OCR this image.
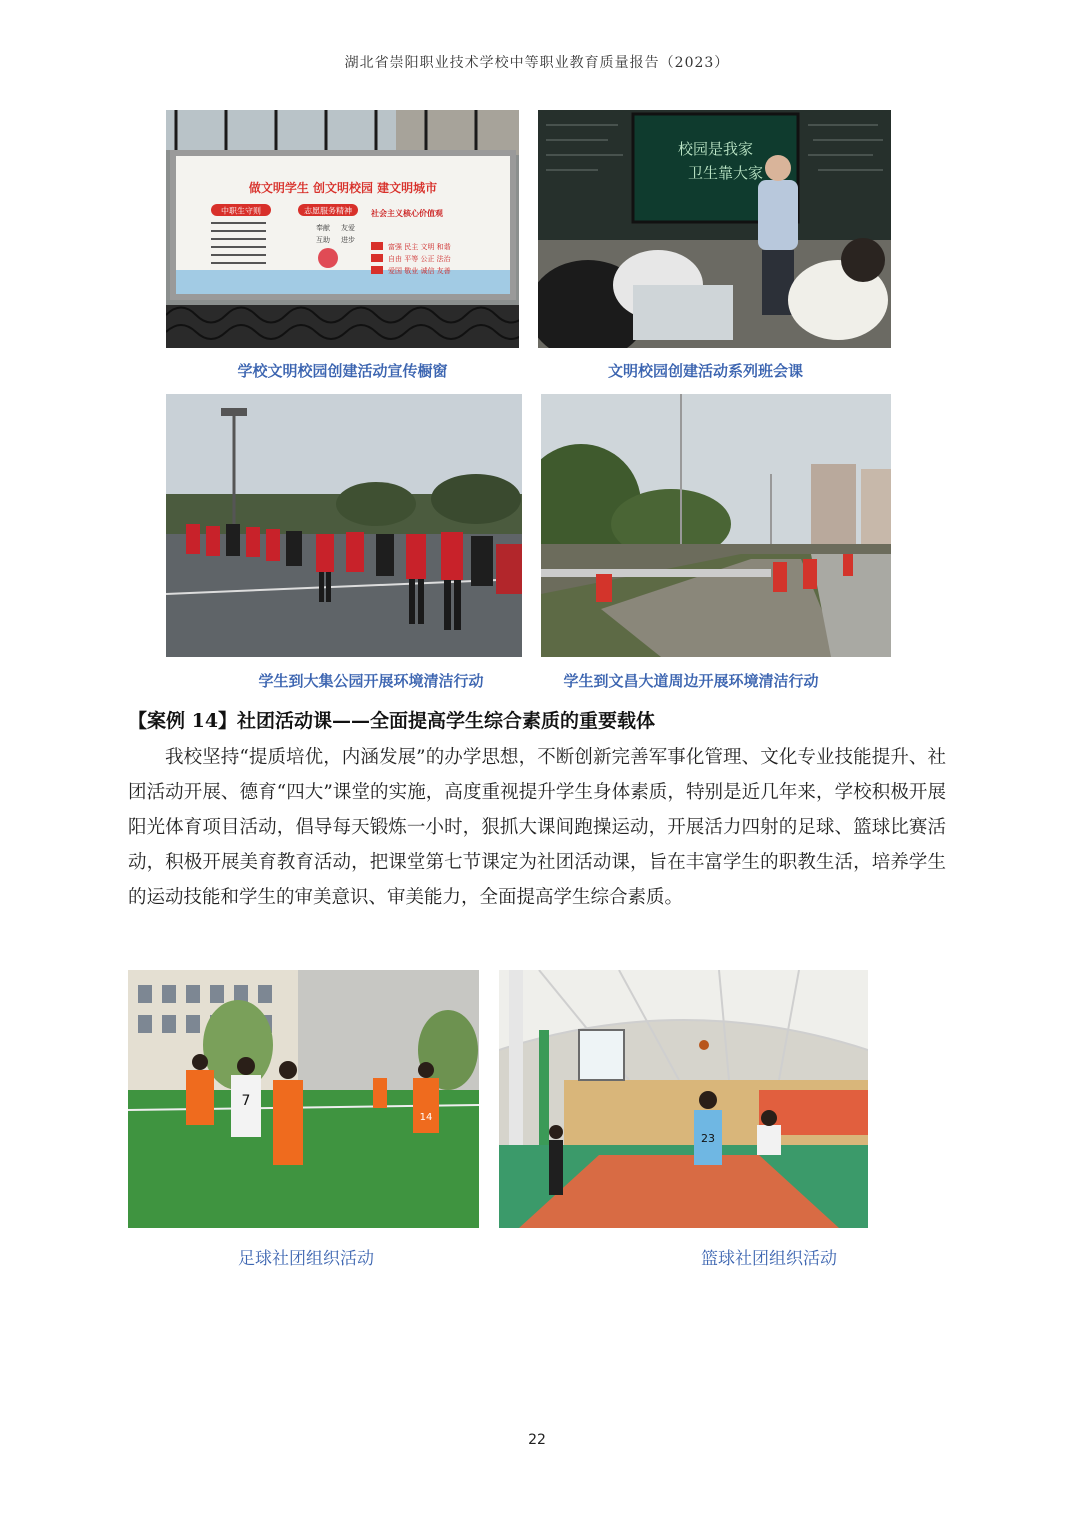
湖北省崇阳职业技术学校中等职业教育质量报告（2023）
做文明学生 创文明校园 建文明城市
中职生守则	志愿服务精神
奉献 友爱
互助 进步
社会主义核心价值观
富强 民主 文明 和谐
自由 平等 公正 法治
爱国 敬业 诚信 友善
学校文明校园创建活动宣传橱窗
校园是我家
卫生靠大家
文明校园创建活动系列班会课
学生到大集公园开展环境清洁行动	学生到文昌大道周边开展环境清洁行动
【案例 14】社团活动课——全面提高学生综合素质的重要载体
我校坚持“提质培优，内涵发展”的办学思想，不断创新完善军事化管理、文化专业技能提升、社团活动开展、德育“四大”课堂的实施，高度重视提升学生身体素质，特别是近几年来，学校积极开展阳光体育项目活动，倡导每天锻炼一小时，狠抓大课间跑操运动，开展活力四射的足球、篮球比赛活动，积极开展美育教育活动，把课堂第七节课定为社团活动课，旨在丰富学生的职教生活，培养学生的运动技能和学生的审美意识、审美能力，全面提高学生综合素质。
7
14
足球社团组织活动
23
篮球社团组织活动
22
